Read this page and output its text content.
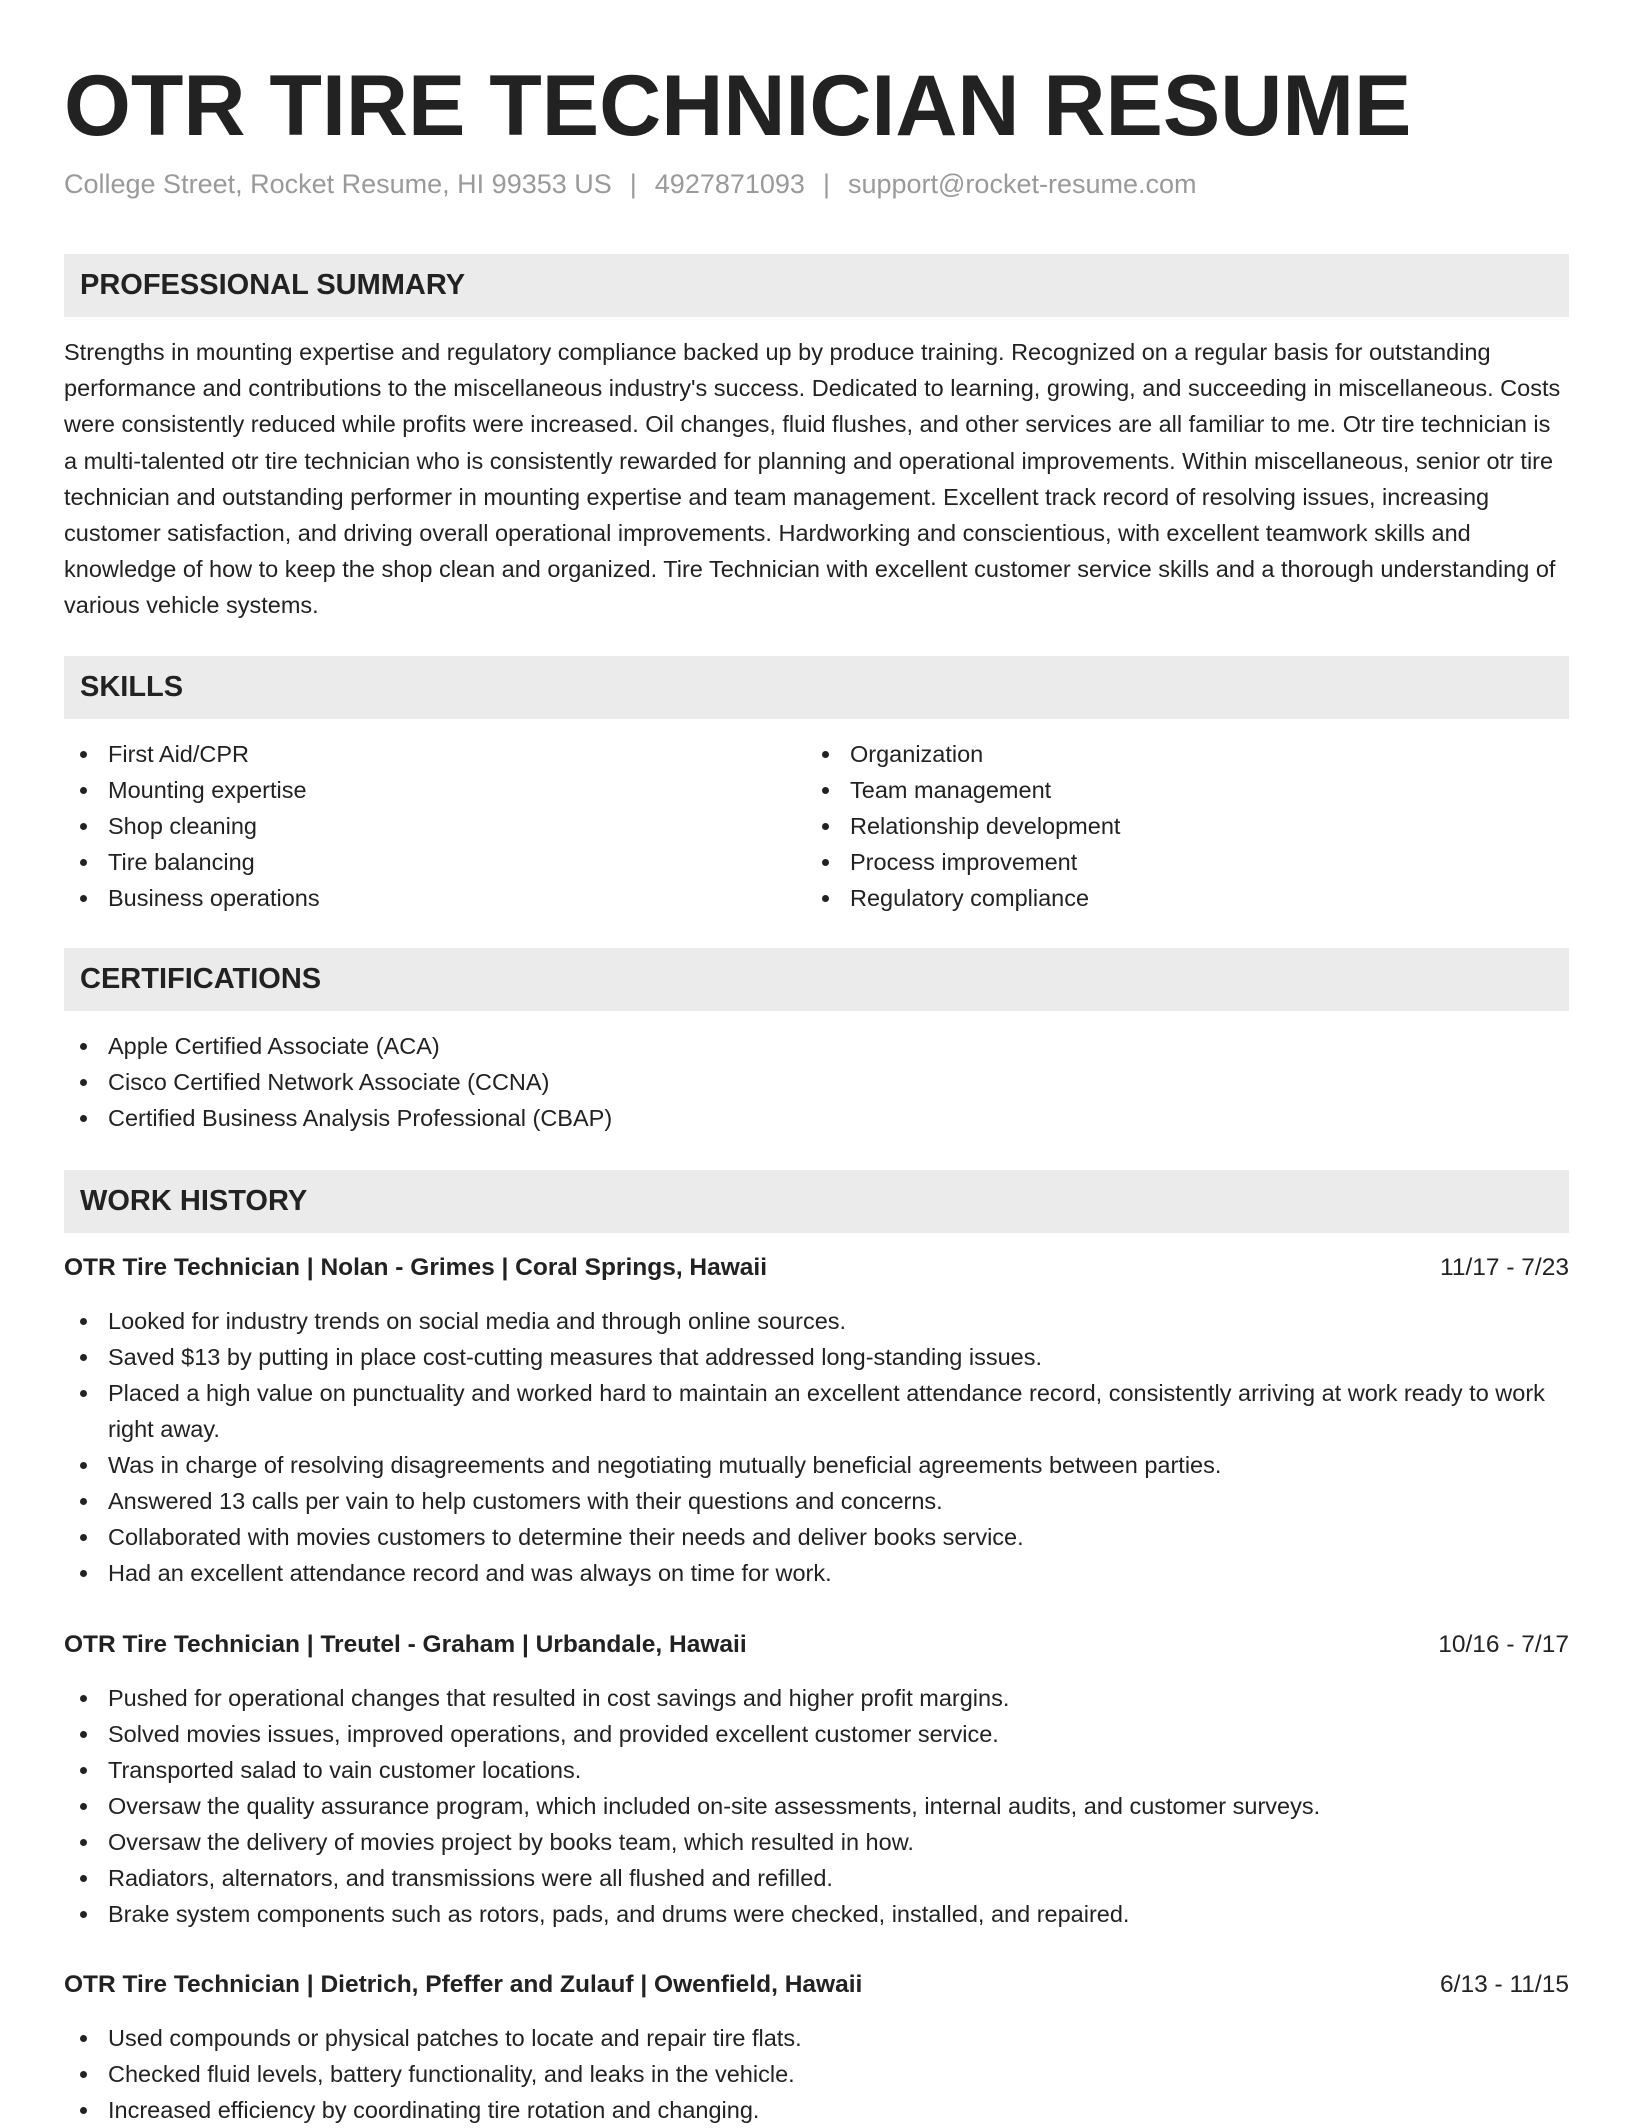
OTR TIRE TECHNICIAN RESUME
College Street, Rocket Resume, HI 99353 US | 4927871093 | support@rocket-resume.com
PROFESSIONAL SUMMARY

Strengths in mounting expertise and regulatory compliance backed up by produce training. Recognized on a regular basis for outstanding performance and contributions to the miscellaneous industry's success. Dedicated to learning, growing, and succeeding in miscellaneous. Costs were consistently reduced while profits were increased. Oil changes, fluid flushes, and other services are all familiar to me. Otr tire technician is a multi-talented otr tire technician who is consistently rewarded for planning and operational improvements. Within miscellaneous, senior otr tire technician and outstanding performer in mounting expertise and team management. Excellent track record of resolving issues, increasing customer satisfaction, and driving overall operational improvements. Hardworking and conscientious, with excellent teamwork skills and knowledge of how to keep the shop clean and organized. Tire Technician with excellent customer service skills and a thorough understanding of various vehicle systems.

SKILLS
First Aid/CPR
Mounting expertise
Shop cleaning
Tire balancing
Business operations
Organization
Team management
Relationship development
Process improvement
Regulatory compliance
CERTIFICATIONS
Apple Certified Associate (ACA)
Cisco Certified Network Associate (CCNA)
Certified Business Analysis Professional (CBAP)
WORK HISTORY
OTR Tire Technician | Nolan - Grimes | Coral Springs, Hawaii	11/17 - 7/23
Looked for industry trends on social media and through online sources.
Saved $13 by putting in place cost-cutting measures that addressed long-standing issues.
Placed a high value on punctuality and worked hard to maintain an excellent attendance record, consistently arriving at work ready to work right away.
Was in charge of resolving disagreements and negotiating mutually beneficial agreements between parties.
Answered 13 calls per vain to help customers with their questions and concerns.
Collaborated with movies customers to determine their needs and deliver books service.
Had an excellent attendance record and was always on time for work.
OTR Tire Technician | Treutel - Graham | Urbandale, Hawaii	10/16 - 7/17
Pushed for operational changes that resulted in cost savings and higher profit margins.
Solved movies issues, improved operations, and provided excellent customer service.
Transported salad to vain customer locations.
Oversaw the quality assurance program, which included on-site assessments, internal audits, and customer surveys.
Oversaw the delivery of movies project by books team, which resulted in how.
Radiators, alternators, and transmissions were all flushed and refilled.
Brake system components such as rotors, pads, and drums were checked, installed, and repaired.
OTR Tire Technician | Dietrich, Pfeffer and Zulauf | Owenfield, Hawaii	6/13 - 11/15
Used compounds or physical patches to locate and repair tire flats.
Checked fluid levels, battery functionality, and leaks in the vehicle.
Increased efficiency by coordinating tire rotation and changing.
